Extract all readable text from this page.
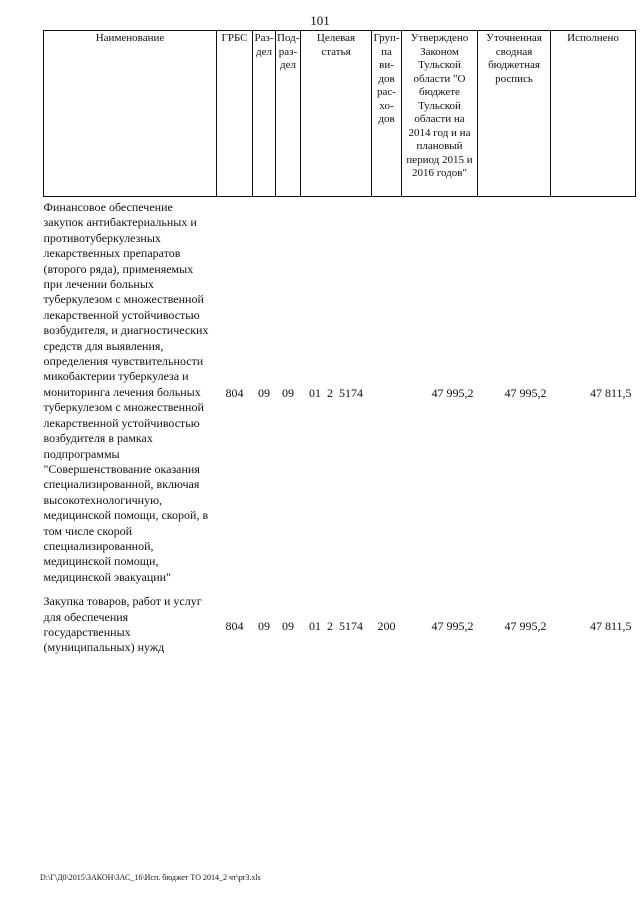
101
Наименование	ГРБС	Раз-дел	Под-раз-дел	Целевая статья	Груп-па ви-дов рас-хо-дов	Утверждено Законом Тульской области "О бюджете Тульской области на 2014 год и на плановый период 2015 и 2016 годов"	Уточненная сводная бюджетная роспись	Исполнено
Финансовое обеспечение закупок антибактериальных и противотуберкулезных лекарственных препаратов (второго ряда), применяемых при лечении больных туберкулезом с множественной лекарственной устойчивостью возбудителя, и диагностических средств для выявления, определения чувствительности микобактерии туберкулеза и мониторинга лечения больных туберкулезом с множественной лекарственной устойчивостью возбудителя в рамках подпрограммы "Совершенствование оказания специализированной, включая высокотехнологичную, медицинской помощи, скорой, в том числе скорой специализированной, медицинской помощи, медицинской эвакуации"	804	09	09	01  2  5174		47 995,2	47 995,2	47 811,5
Закупка товаров, работ и услуг для обеспечения государственных (муниципальных) нужд	804	09	09	01  2  5174	200	47 995,2	47 995,2	47 811,5
D:\Г\Д0\2015\ЗАКОН\ЗАС_16\Исп. бюджет ТО 2014_2 чт\pr3.xls
